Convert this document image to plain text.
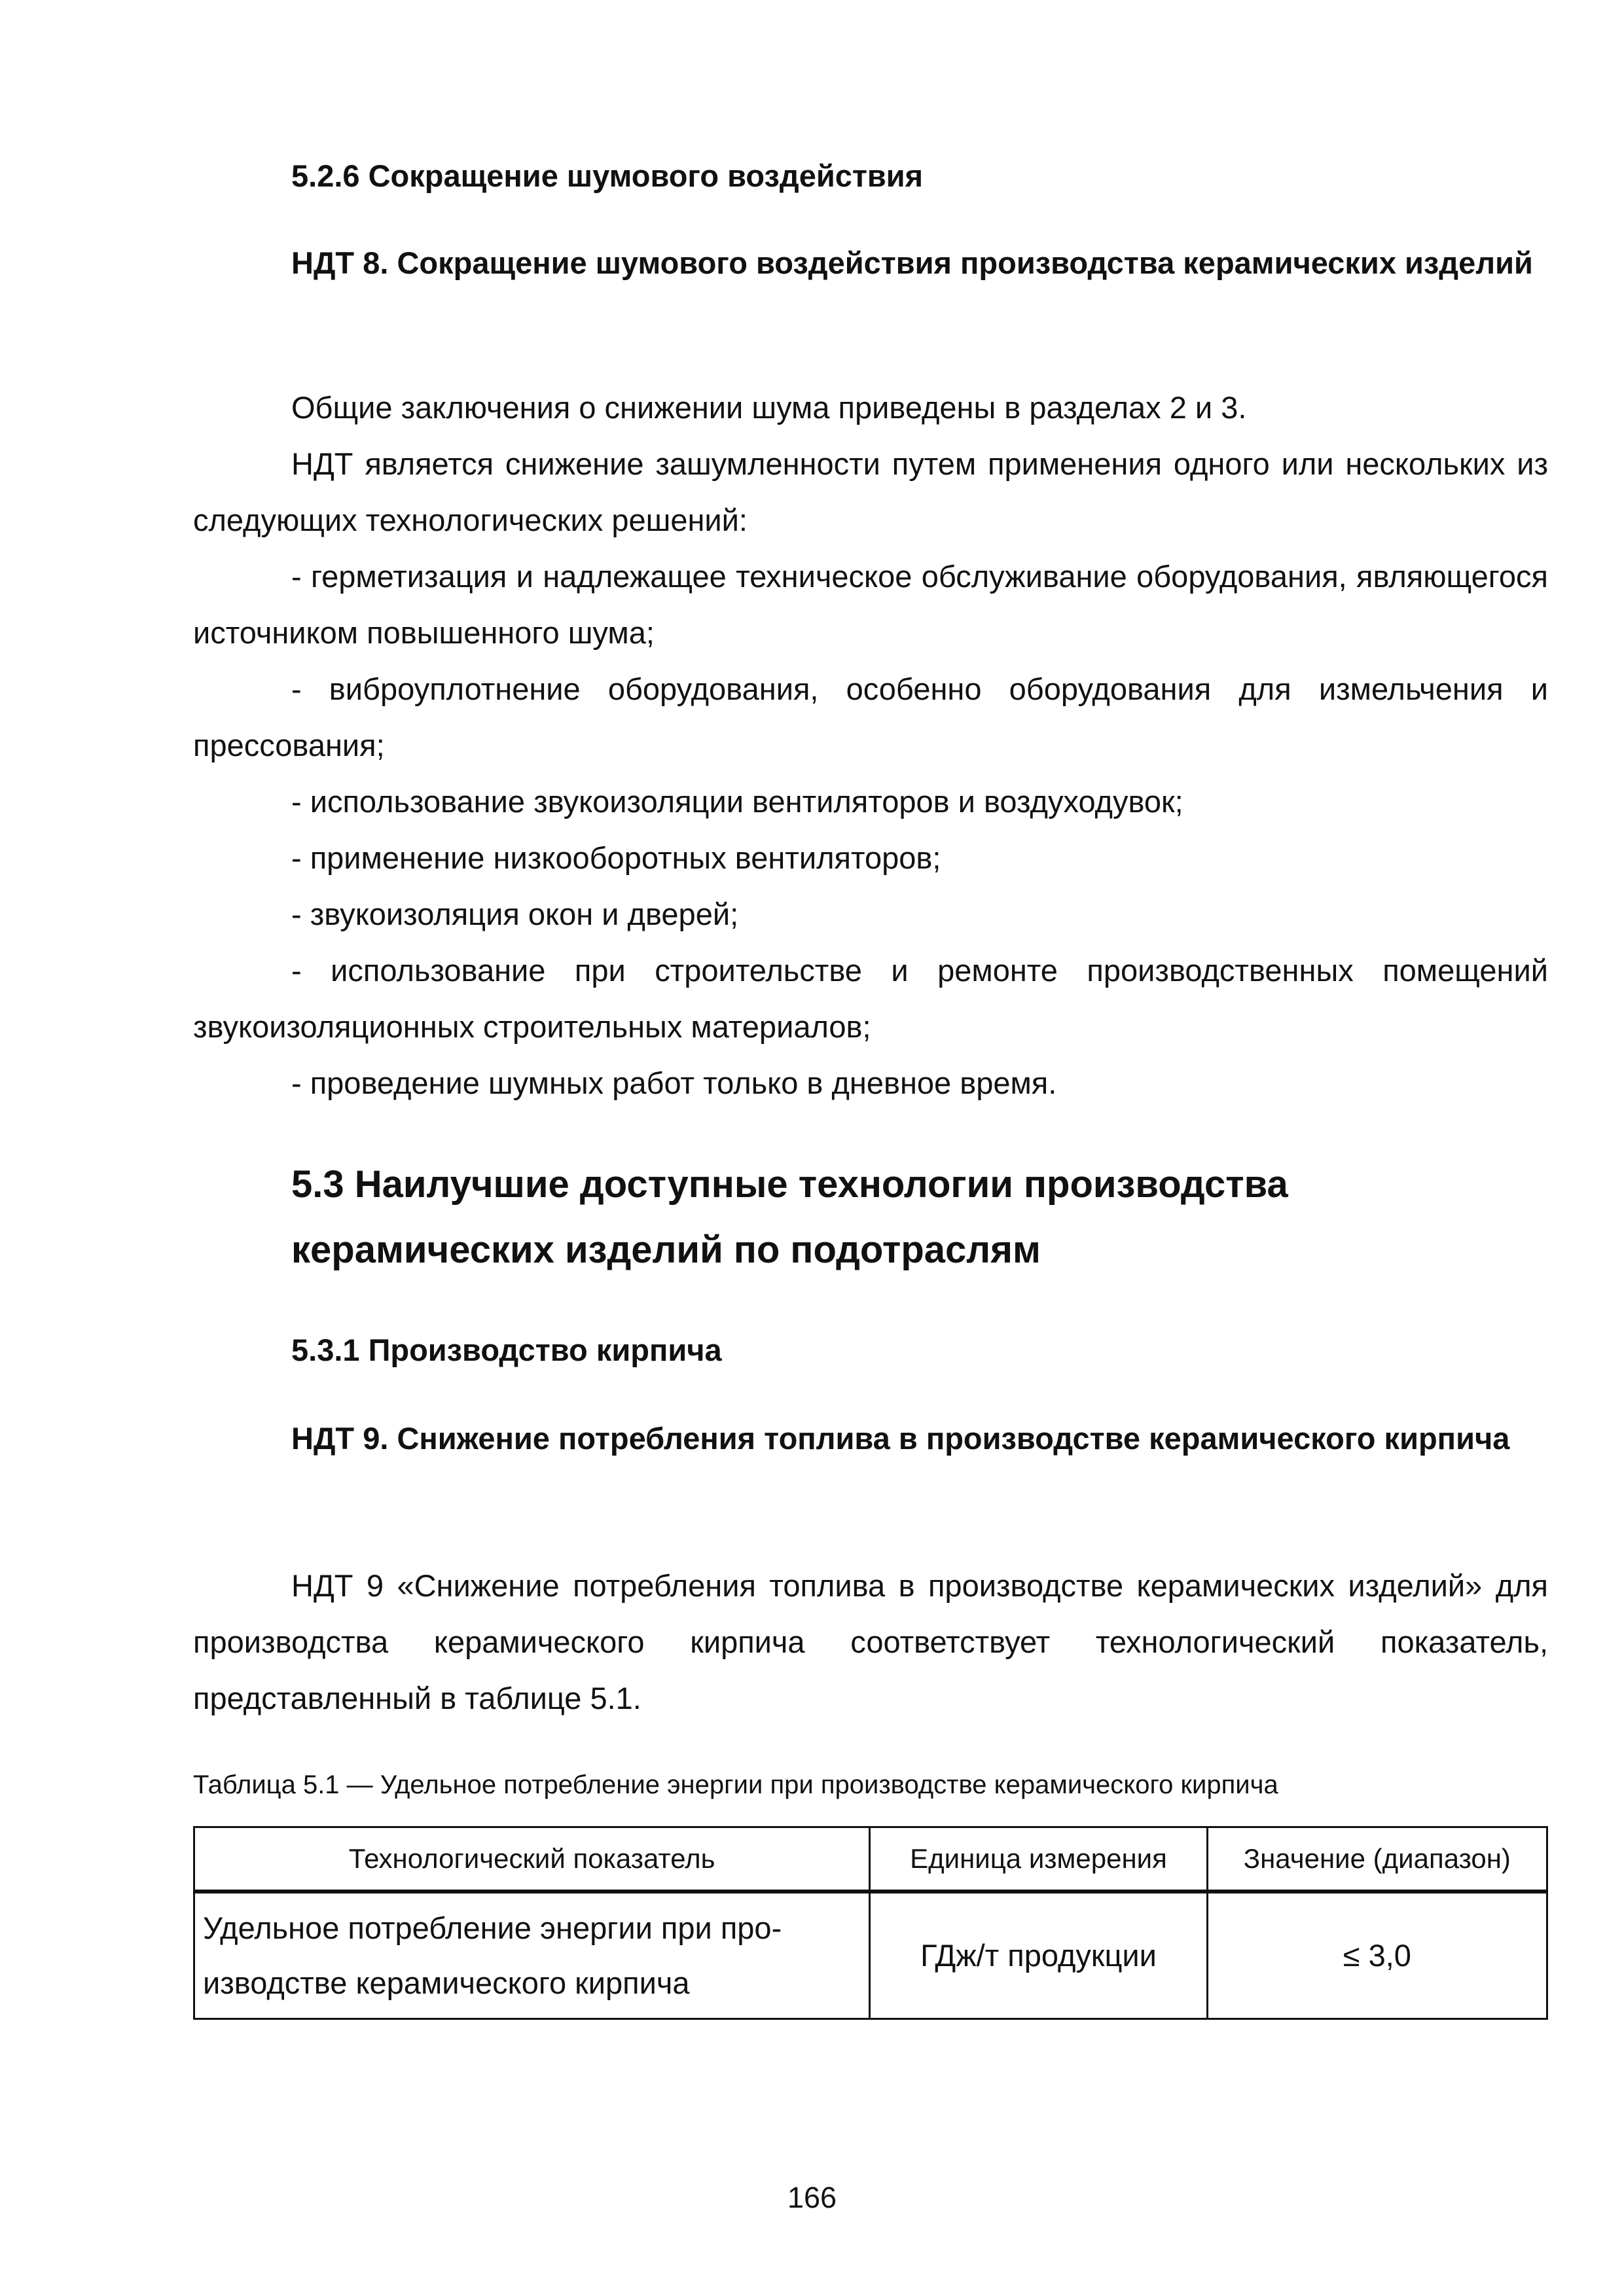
5.2.6 Сокращение шумового воздействия
НДТ 8. Сокращение шумового воздействия производства керамических изделий

Общие заключения о снижении шума приведены в разделах 2 и 3.

НДТ является снижение зашумленности путем применения одного или нескольких из следующих технологических решений:

- герметизация и надлежащее техническое обслуживание оборудования, являющегося источником повышенного шума;

- виброуплотнение оборудования, особенно оборудования для измельчения и прессования;

- использование звукоизоляции вентиляторов и воздуходувок;

- применение низкооборотных вентиляторов;

- звукоизоляция окон и дверей;

- использование при строительстве и ремонте производственных помещений звукоизоляционных строительных материалов;

- проведение шумных работ только в дневное время.

5.3 Наилучшие доступные технологии производства керамических изделий по подотраслям
5.3.1 Производство кирпича
НДТ 9. Снижение потребления топлива в производстве керамического кирпича

НДТ 9 «Снижение потребления топлива в производстве керамических изделий» для производства керамического кирпича соответствует технологический показатель, представленный в таблице 5.1.

Таблица 5.1 — Удельное потребление энергии при производстве керамического кирпича
Технологический показатель	Единица измерения	Значение (диапазон)
Удельное потребление энергии при производстве керамического кирпича	ГДж/т продукции	≤ 3,0
166
